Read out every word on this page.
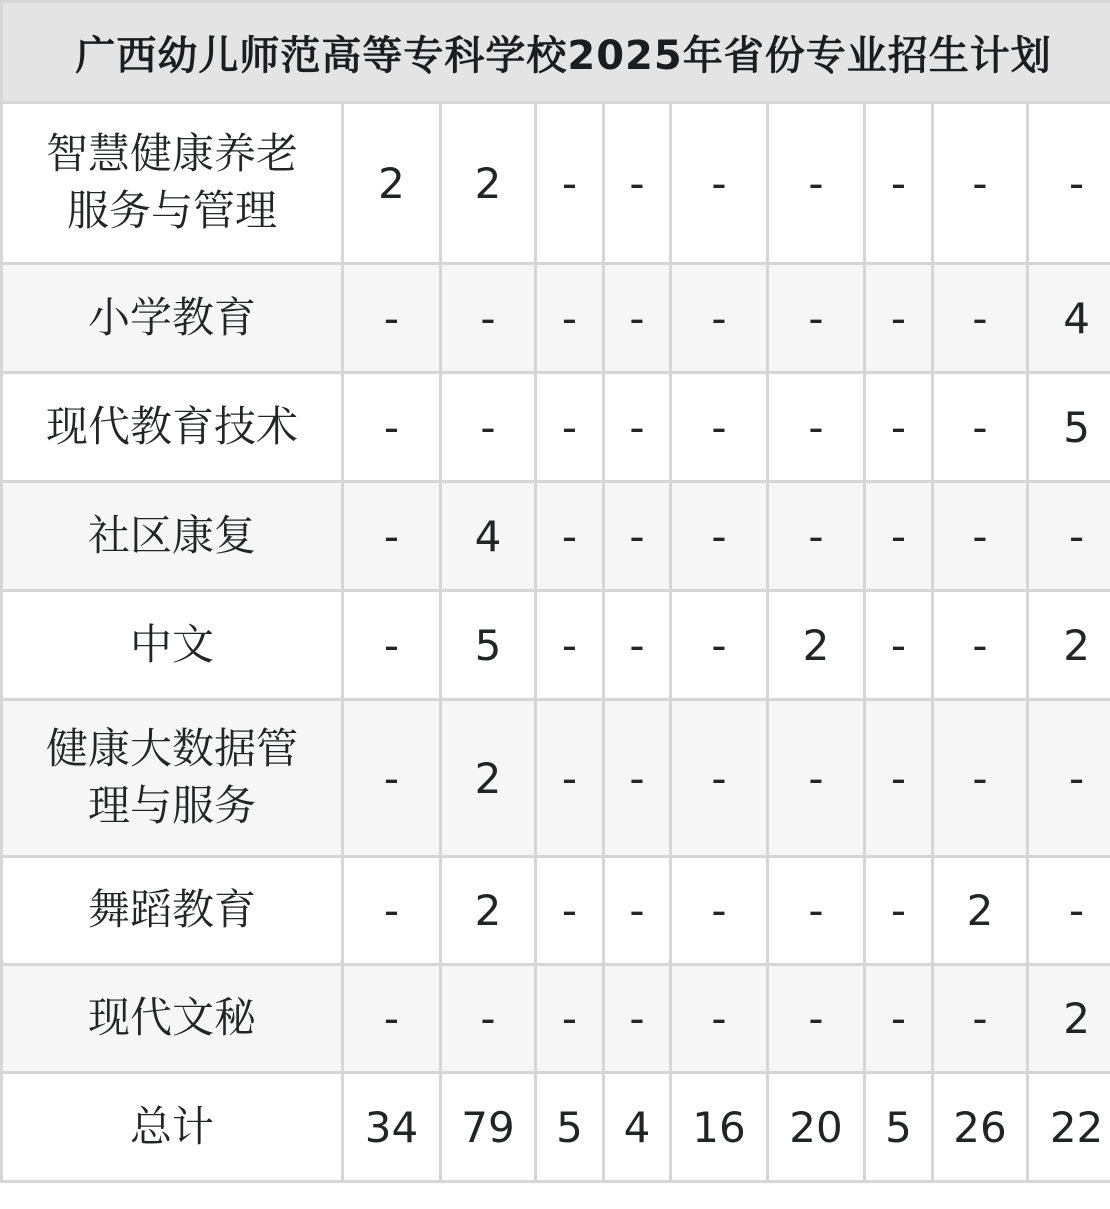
广西幼儿师范高等专科学校2025年省份专业招生计划									
智慧健康养老服务与管理	2	2	-	-	-	-	-	-	-
小学教育	-	-	-	-	-	-	-	-	4
现代教育技术	-	-	-	-	-	-	-	-	5
社区康复	-	4	-	-	-	-	-	-	-
中文	-	5	-	-	-	2	-	-	2
健康大数据管理与服务	-	2	-	-	-	-	-	-	-
舞蹈教育	-	2	-	-	-	-	-	2	-
现代文秘	-	-	-	-	-	-	-	-	2
总计	34	79	5	4	16	20	5	26	22
